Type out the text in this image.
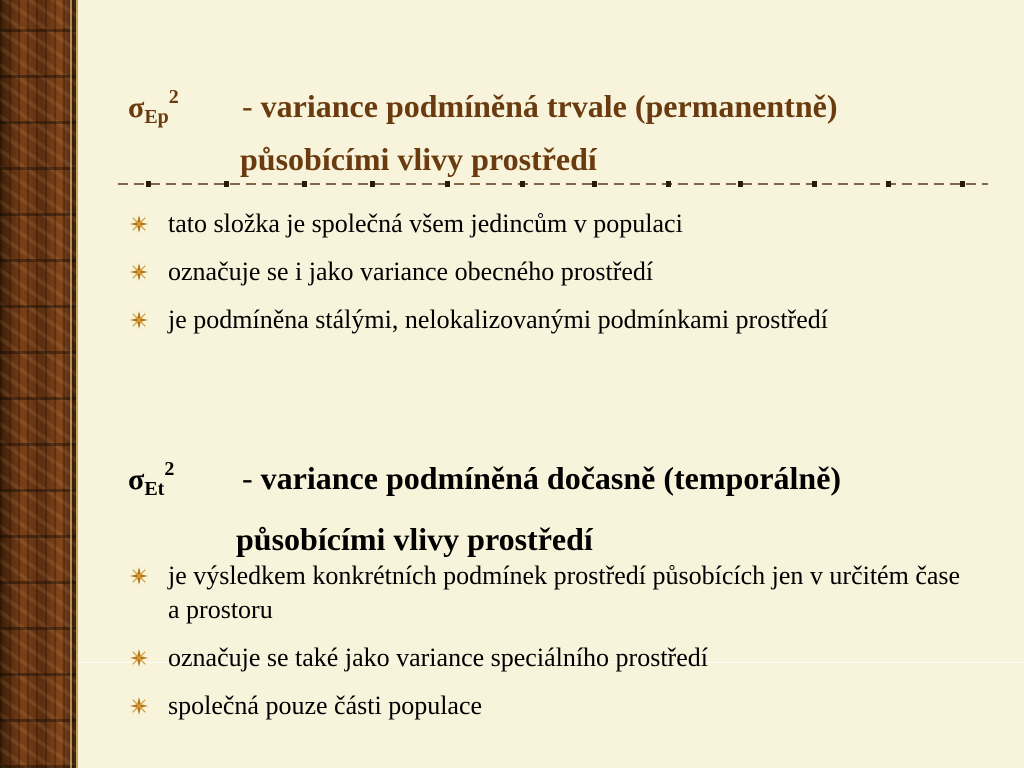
$\sigma_{Ep}^2$ - variance podmíněná trvale (permanentně)
působícími vlivy prostředí
tato složka je společná všem jedincům v populaci
označuje se i jako variance obecného prostředí
je podmíněna stálými, nelokalizovanými podmínkami prostředí
$\sigma_{Et}^2$ - variance podmíněná dočasně (temporálně)
působícími vlivy prostředí
je výsledkem konkrétních podmínek prostředí působících jen v určitém čase a prostoru
označuje se také jako variance speciálního prostředí
společná pouze části populace
